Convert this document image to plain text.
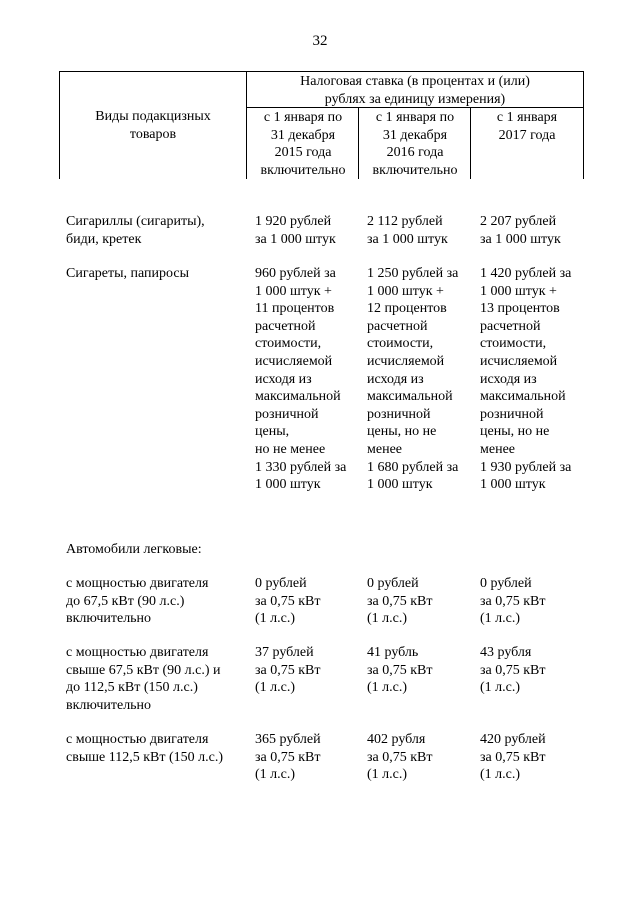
32
Виды подакцизных
товаров
Налоговая ставка (в процентах и (или)
рублях за единицу измерения)
с 1 января по
31 декабря
2015 года
включительно
с 1 января по
31 декабря
2016 года
включительно
с 1 января
2017 года
Сигариллы (сигариты),
биди, кретек
1 920 рублей
за 1 000 штук
2 112 рублей
за 1 000 штук
2 207 рублей
за 1 000 штук
Сигареты, папиросы	960 рублей за
1 000 штук +
11 процентов
расчетной
стоимости,
исчисляемой
исходя из
максимальной
розничной
цены,
но не менее
1 330 рублей за
1 000 штук
1 250 рублей за
1 000 штук +
12 процентов
расчетной
стоимости,
исчисляемой
исходя из
максимальной
розничной
цены, но не
менее
1 680 рублей за
1 000 штук
1 420 рублей за
1 000 штук +
13 процентов
расчетной
стоимости,
исчисляемой
исходя из
максимальной
розничной
цены, но не
менее
1 930 рублей за
1 000 штук
Автомобили легковые:
с мощностью двигателя
до 67,5 кВт (90 л.с.)
включительно
0 рублей
за 0,75 кВт
(1 л.с.)
0 рублей
за 0,75 кВт
(1 л.с.)
0 рублей
за 0,75 кВт
(1 л.с.)
с мощностью двигателя
свыше 67,5 кВт (90 л.с.) и
до 112,5 кВт (150 л.с.)
включительно
37 рублей
за 0,75 кВт
(1 л.с.)
41 рубль
за 0,75 кВт
(1 л.с.)
43 рубля
за 0,75 кВт
(1 л.с.)
с мощностью двигателя
свыше 112,5 кВт (150 л.с.)
365 рублей
за 0,75 кВт
(1 л.с.)
402 рубля
за 0,75 кВт
(1 л.с.)
420 рублей
за 0,75 кВт
(1 л.с.)
